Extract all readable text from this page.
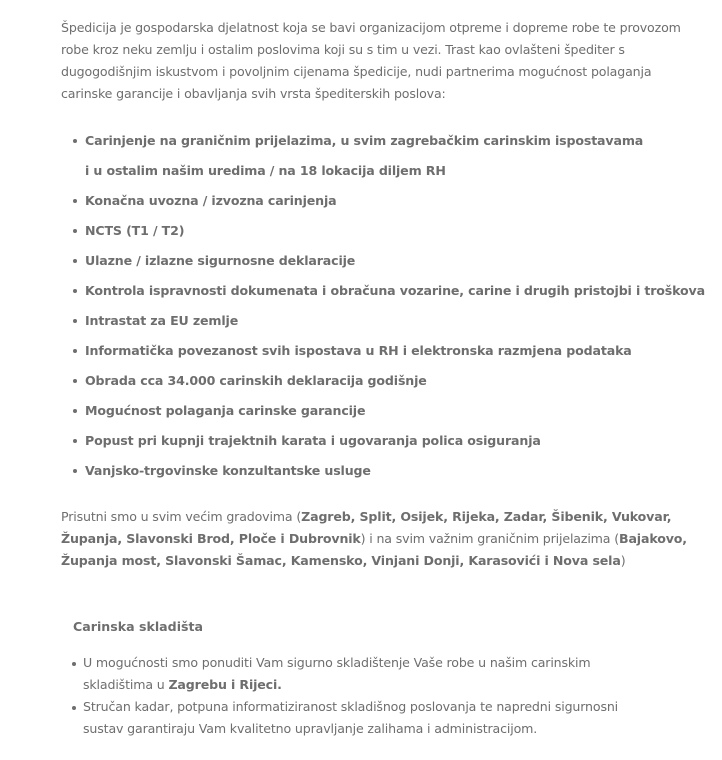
Špedicija je gospodarska djelatnost koja se bavi organizacijom otpreme i dopreme robe te provozom robe kroz neku zemlju i ostalim poslovima koji su s tim u vezi. Trast kao ovlašteni špediter s dugogodišnjim iskustvom i povoljnim cijenama špedicije, nudi partnerima mogućnost polaganja carinske garancije i obavljanja svih vrsta špediterskih poslova:

Carinjenje na graničnim prijelazima, u svim zagrebačkim carinskim ispostavama
i u ostalim našim uredima / na 18 lokacija diljem RH
Konačna uvozna / izvozna carinjenja
NCTS (T1 / T2)
Ulazne / izlazne sigurnosne deklaracije
Kontrola ispravnosti dokumenata i obračuna vozarine, carine i drugih pristojbi i troškova
Intrastat za EU zemlje
Informatička povezanost svih ispostava u RH i elektronska razmjena podataka
Obrada cca 34.000 carinskih deklaracija godišnje
Mogućnost polaganja carinske garancije
Popust pri kupnji trajektnih karata i ugovaranja polica osiguranja
Vanjsko-trgovinske konzultantske usluge

Prisutni smo u svim većim gradovima (Zagreb, Split, Osijek, Rijeka, Zadar, Šibenik, Vukovar, Županja, Slavonski Brod, Ploče i Dubrovnik) i na svim važnim graničnim prijelazima (Bajakovo, Županja most, Slavonski Šamac, Kamensko, Vinjani Donji, Karasovići i Nova sela)

Carinska skladišta
U mogućnosti smo ponuditi Vam sigurno skladištenje Vaše robe u našim carinskim skladištima u Zagrebu i Rijeci.
Stručan kadar, potpuna informatiziranost skladišnog poslovanja te napredni sigurnosni sustav garantiraju Vam kvalitetno upravljanje zalihama i administracijom.
